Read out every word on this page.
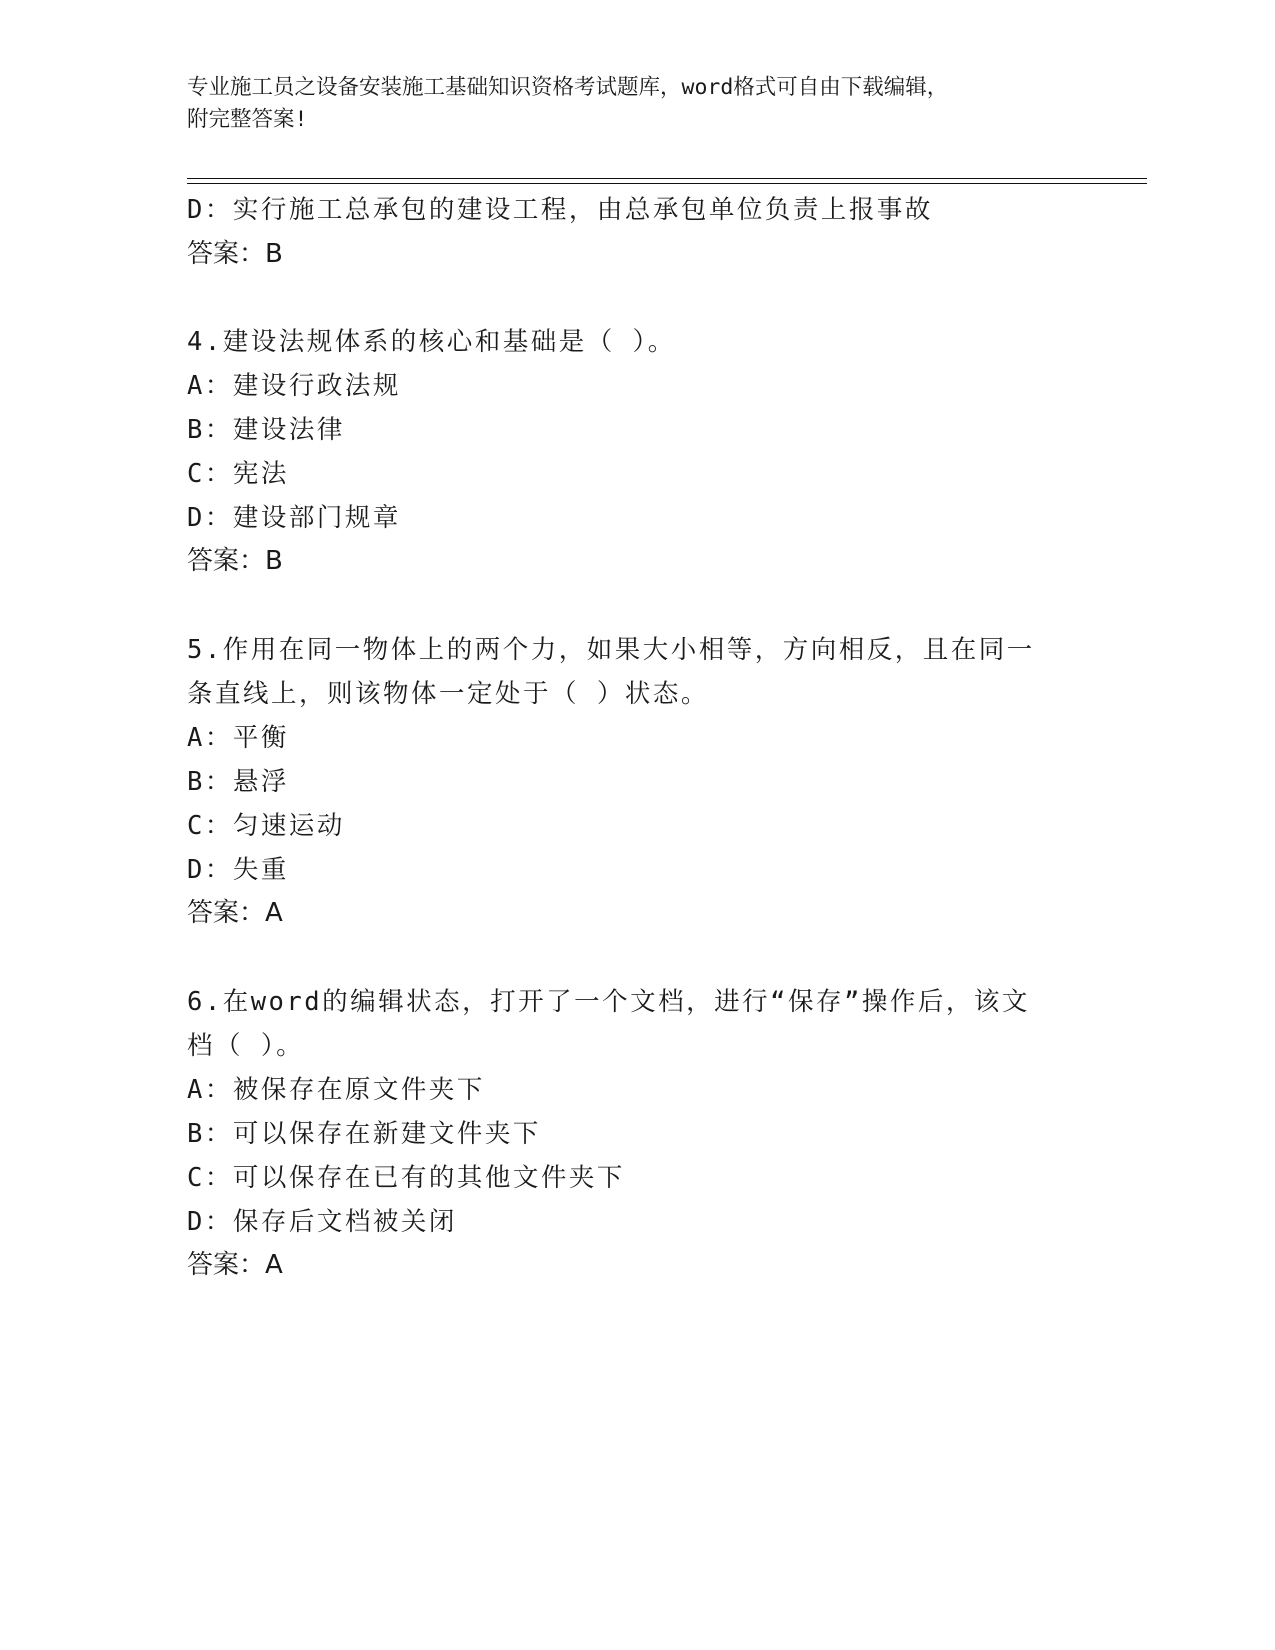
专业施工员之设备安装施工基础知识资格考试题库，word格式可自由下载编辑，
附完整答案!
D：实行施工总承包的建设工程，由总承包单位负责上报事故
答案：B
4.建设法规体系的核心和基础是（ ）。
A：建设行政法规
B：建设法律
C：宪法
D：建设部门规章
答案：B
5.作用在同一物体上的两个力，如果大小相等，方向相反，且在同一
条直线上，则该物体一定处于（ ）状态。
A：平衡
B：悬浮
C：匀速运动
D：失重
答案：A
6.在word的编辑状态，打开了一个文档，进行“保存”操作后，该文
档（ ）。
A：被保存在原文件夹下
B：可以保存在新建文件夹下
C：可以保存在已有的其他文件夹下
D：保存后文档被关闭
答案：A
